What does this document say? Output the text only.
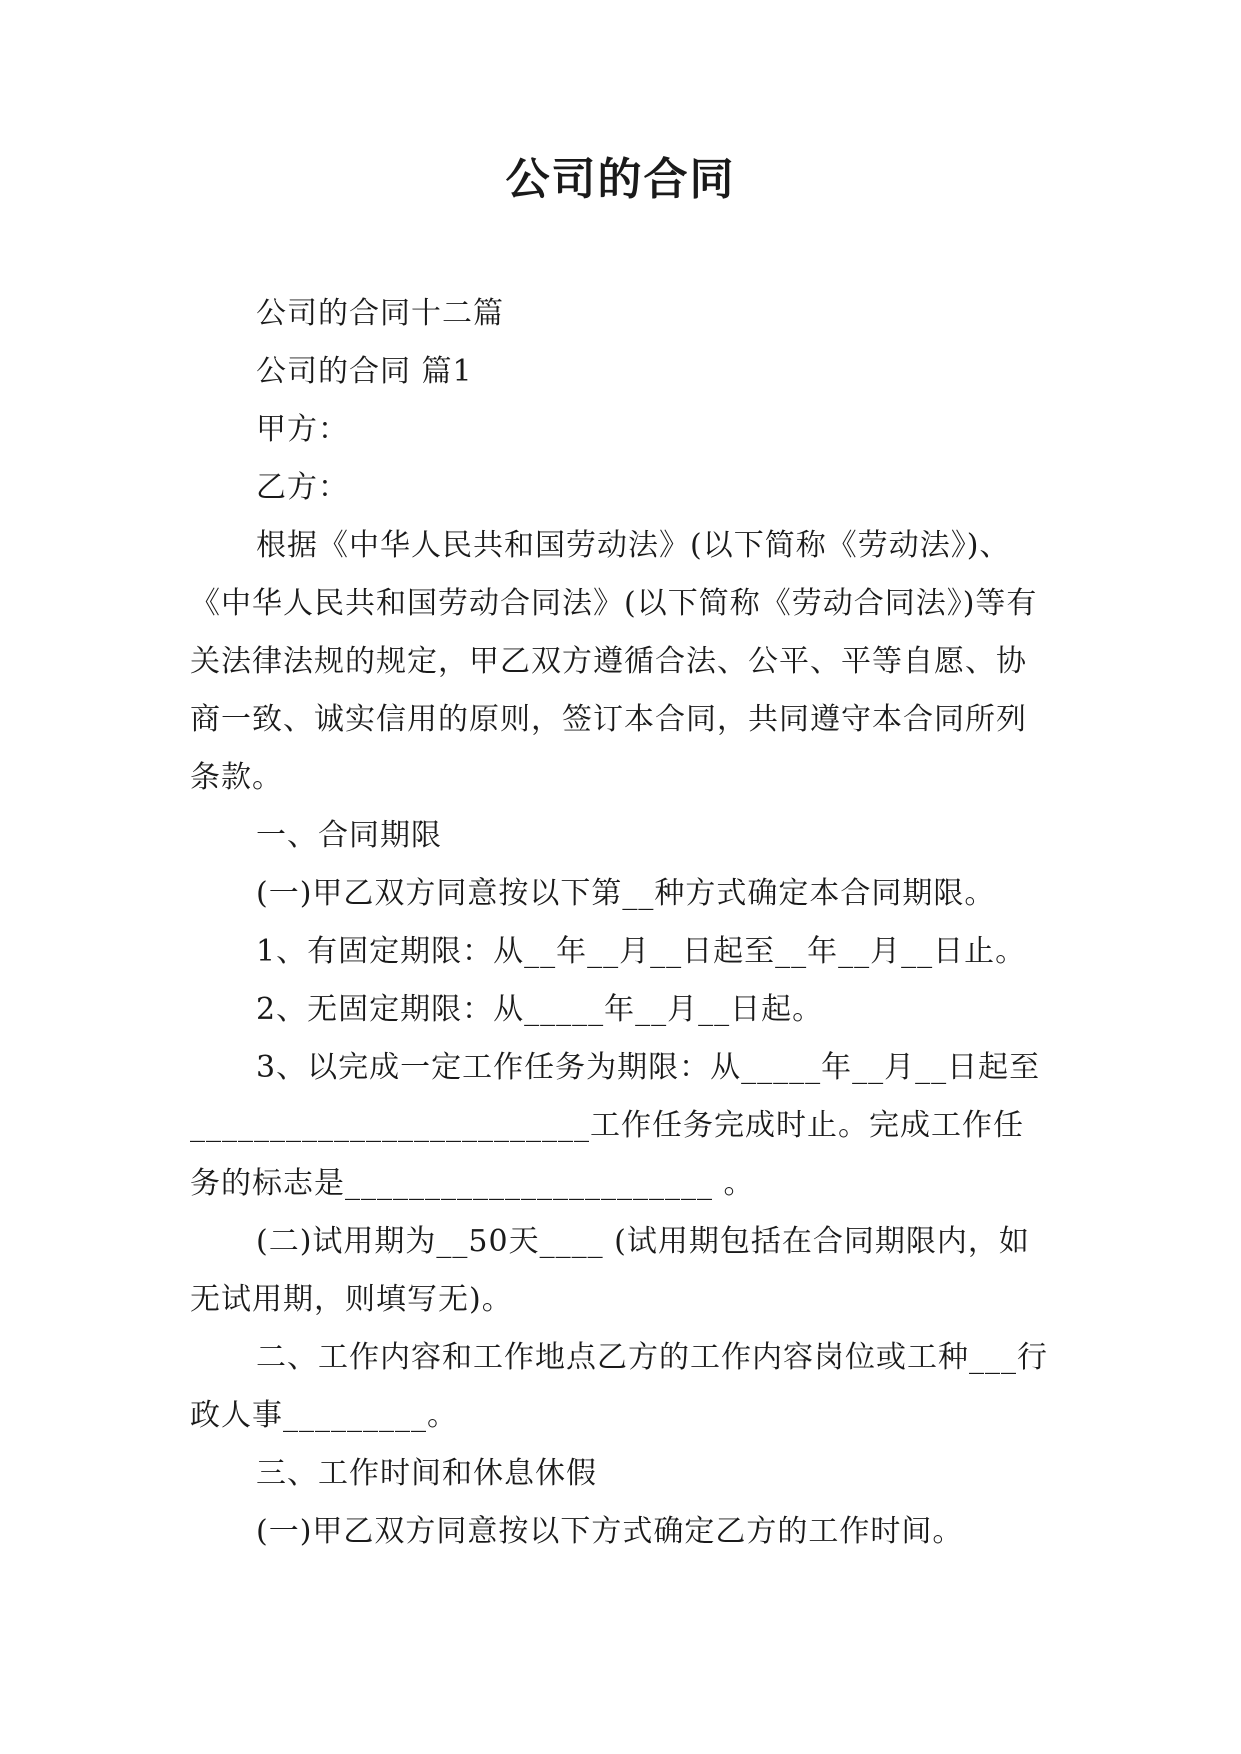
公司的合同

公司的合同十二篇

公司的合同 篇1

甲方：

乙方：

根据《中华人民共和国劳动法》(以下简称《劳动法》)、《中华人民共和国劳动合同法》(以下简称《劳动合同法》)等有关法律法规的规定，甲乙双方遵循合法、公平、平等自愿、协商一致、诚实信用的原则，签订本合同，共同遵守本合同所列条款。

一、合同期限

(一)甲乙双方同意按以下第__种方式确定本合同期限。

1、有固定期限：从__年__月__日起至__年__月__日止。

2、无固定期限：从_____年__月__日起。

3、以完成一定工作任务为期限：从_____年__月__日起至_________________________工作任务完成时止。完成工作任务的标志是_______________________ 。

(二)试用期为__50天____ (试用期包括在合同期限内，如无试用期，则填写无)。

二、工作内容和工作地点乙方的工作内容岗位或工种___行政人事_________。

三、工作时间和休息休假

(一)甲乙双方同意按以下方式确定乙方的工作时间。
